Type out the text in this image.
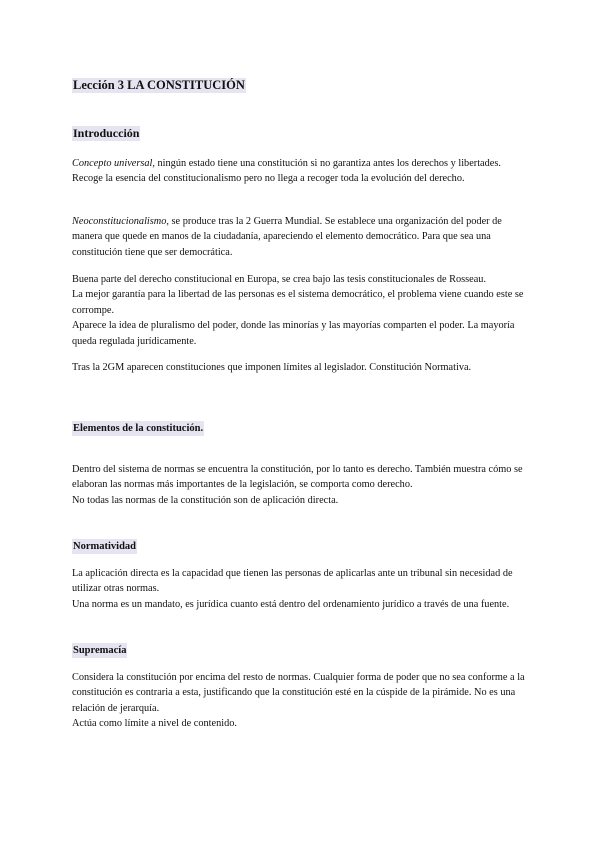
Lección 3 LA CONSTITUCIÓN
Introducción

Concepto universal, ningún estado tiene una constitución si no garantiza antes los derechos y libertades. Recoge la esencia del constitucionalismo pero no llega a recoger toda la evolución del derecho.

Neoconstitucionalismo, se produce tras la 2 Guerra Mundial. Se establece una organización del poder de manera que quede en manos de la ciudadanía, apareciendo el elemento democrático. Para que sea una constitución tiene que ser democrática.

Buena parte del derecho constitucional en Europa, se crea bajo las tesis constitucionales de Rosseau.

La mejor garantía para la libertad de las personas es el sistema democrático, el problema viene cuando este se corrompe.

Aparece la idea de pluralismo del poder, donde las minorías y las mayorías comparten el poder. La mayoría queda regulada jurídicamente.

Tras la 2GM aparecen constituciones que imponen límites al legislador. Constitución Normativa.

Elementos de la constitución.

Dentro del sistema de normas se encuentra la constitución, por lo tanto es derecho. También muestra cómo se elaboran las normas más importantes de la legislación, se comporta como derecho.

No todas las normas de la constitución son de aplicación directa.

Normatividad

La aplicación directa es la capacidad que tienen las personas de aplicarlas ante un tribunal sin necesidad de utilizar otras normas.

Una norma es un mandato, es jurídica cuanto está dentro del ordenamiento jurídico a través de una fuente.

Supremacía

Considera la constitución por encima del resto de normas. Cualquier forma de poder que no sea conforme a la constitución es contraria a esta, justificando que la constitución esté en la cúspide de la pirámide. No es una relación de jerarquía.

Actúa como límite a nivel de contenido.
